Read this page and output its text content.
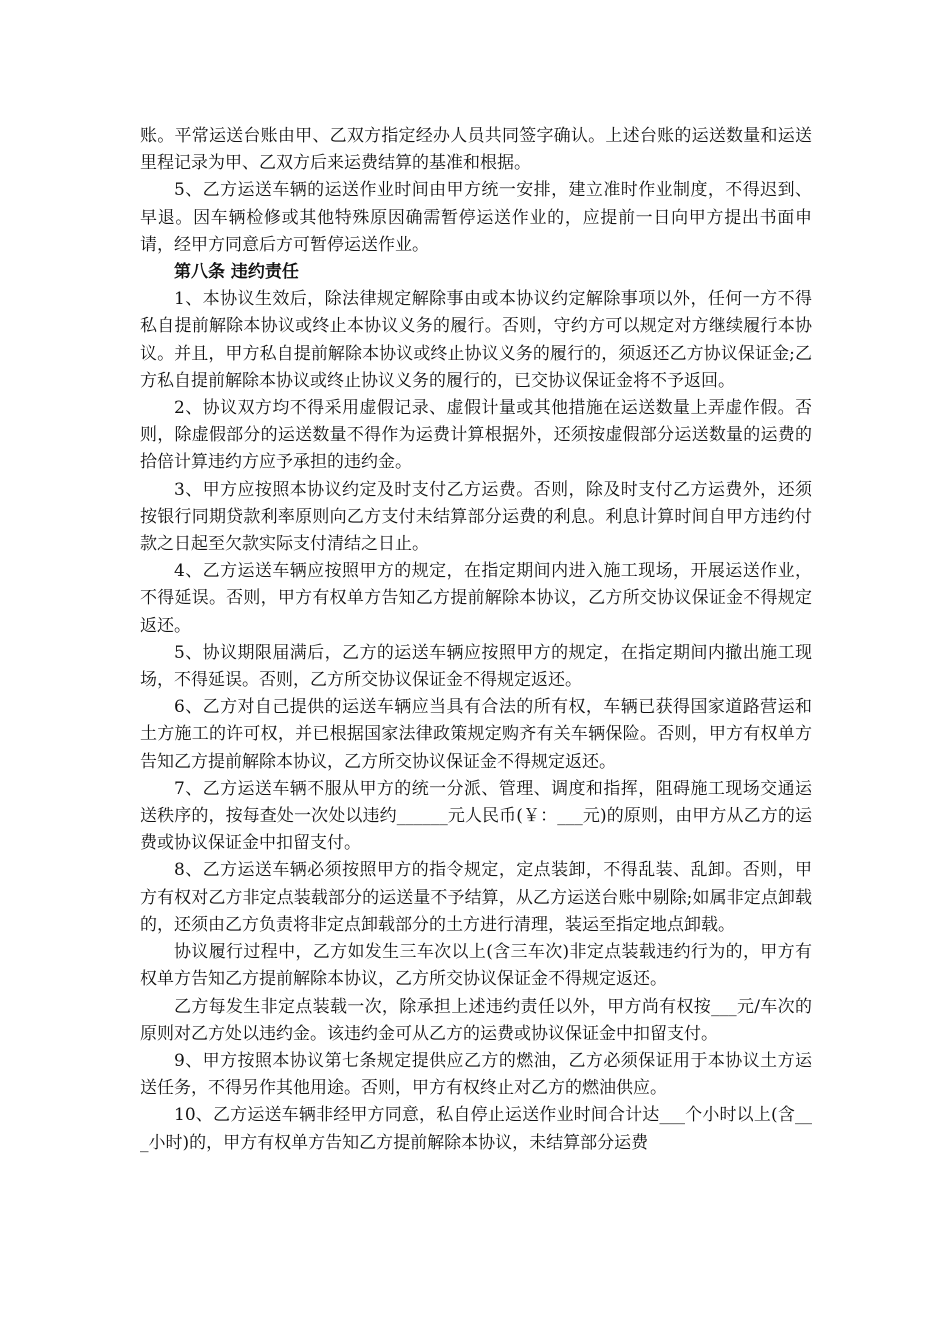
账。平常运送台账由甲、乙双方指定经办人员共同签字确认。上述台账的运送数量和运送里程记录为甲、乙双方后来运费结算的基准和根据。

5、乙方运送车辆的运送作业时间由甲方统一安排，建立准时作业制度，不得迟到、早退。因车辆检修或其他特殊原因确需暂停运送作业的，应提前一日向甲方提出书面申请，经甲方同意后方可暂停运送作业。

第八条 违约责任

1、本协议生效后，除法律规定解除事由或本协议约定解除事项以外，任何一方不得私自提前解除本协议或终止本协议义务的履行。否则，守约方可以规定对方继续履行本协议。并且，甲方私自提前解除本协议或终止协议义务的履行的，须返还乙方协议保证金;乙方私自提前解除本协议或终止协议义务的履行的，已交协议保证金将不予返回。

2、协议双方均不得采用虚假记录、虚假计量或其他措施在运送数量上弄虚作假。否则，除虚假部分的运送数量不得作为运费计算根据外，还须按虚假部分运送数量的运费的拾倍计算违约方应予承担的违约金。

3、甲方应按照本协议约定及时支付乙方运费。否则，除及时支付乙方运费外，还须按银行同期贷款利率原则向乙方支付未结算部分运费的利息。利息计算时间自甲方违约付款之日起至欠款实际支付清结之日止。

4、乙方运送车辆应按照甲方的规定，在指定期间内进入施工现场，开展运送作业，不得延误。否则，甲方有权单方告知乙方提前解除本协议，乙方所交协议保证金不得规定返还。

5、协议期限届满后，乙方的运送车辆应按照甲方的规定，在指定期间内撤出施工现场，不得延误。否则，乙方所交协议保证金不得规定返还。

6、乙方对自己提供的运送车辆应当具有合法的所有权，车辆已获得国家道路营运和土方施工的许可权，并已根据国家法律政策规定购齐有关车辆保险。否则，甲方有权单方告知乙方提前解除本协议，乙方所交协议保证金不得规定返还。

7、乙方运送车辆不服从甲方的统一分派、管理、调度和指挥，阻碍施工现场交通运送秩序的，按每查处一次处以违约______元人民币(￥：___元)的原则，由甲方从乙方的运费或协议保证金中扣留支付。

8、乙方运送车辆必须按照甲方的指令规定，定点装卸，不得乱装、乱卸。否则，甲方有权对乙方非定点装载部分的运送量不予结算，从乙方运送台账中剔除;如属非定点卸载的，还须由乙方负责将非定点卸载部分的土方进行清理，装运至指定地点卸载。

协议履行过程中，乙方如发生三车次以上(含三车次)非定点装载违约行为的，甲方有权单方告知乙方提前解除本协议，乙方所交协议保证金不得规定返还。

乙方每发生非定点装载一次，除承担上述违约责任以外，甲方尚有权按___元/车次的原则对乙方处以违约金。该违约金可从乙方的运费或协议保证金中扣留支付。

9、甲方按照本协议第七条规定提供应乙方的燃油，乙方必须保证用于本协议土方运送任务，不得另作其他用途。否则，甲方有权终止对乙方的燃油供应。

10、乙方运送车辆非经甲方同意，私自停止运送作业时间合计达___个小时以上(含___小时)的，甲方有权单方告知乙方提前解除本协议，未结算部分运费
